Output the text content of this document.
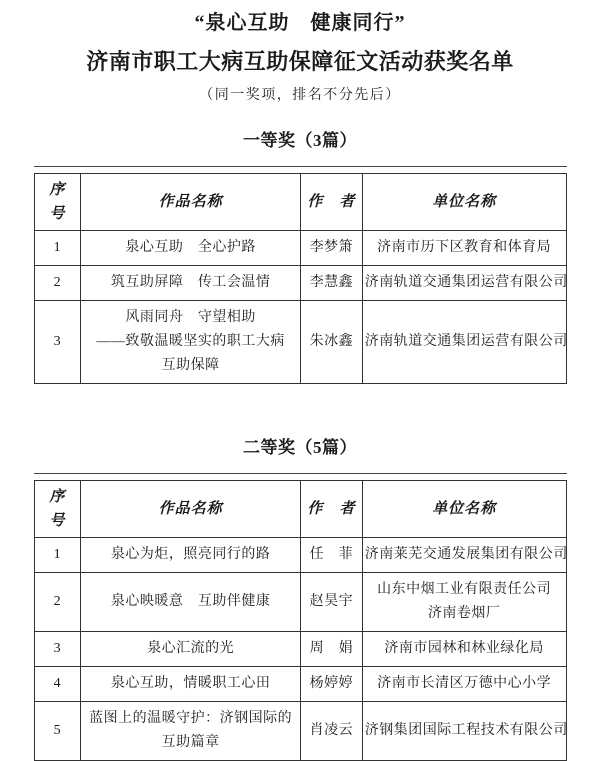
“泉心互助　健康同行”
济南市职工大病互助保障征文活动获奖名单
（同一奖项，排名不分先后）
一等奖（3篇）
序　号	作品名称	作　者	单位名称
1	泉心互助　全心护路	李梦箫	济南市历下区教育和体育局

2	筑互助屏障　传工会温情	李慧鑫	济南轨道交通集团运营有限公司

3	风雨同舟　守望相助
——致敬温暖坚实的职工大病
互助保障	朱冰鑫	济南轨道交通集团运营有限公司
二等奖（5篇）
序　号	作品名称	作　者	单位名称
1	泉心为炬，照亮同行的路	任　菲	济南莱芜交通发展集团有限公司

2	泉心映暖意　互助伴健康	赵昊宇	山东中烟工业有限责任公司
济南卷烟厂

3	泉心汇流的光	周　娟	济南市园林和林业绿化局

4	泉心互助，情暖职工心田	杨婷婷	济南市长清区万德中心小学

5	蓝图上的温暖守护：济钢国际的
互助篇章	肖凌云	济钢集团国际工程技术有限公司
